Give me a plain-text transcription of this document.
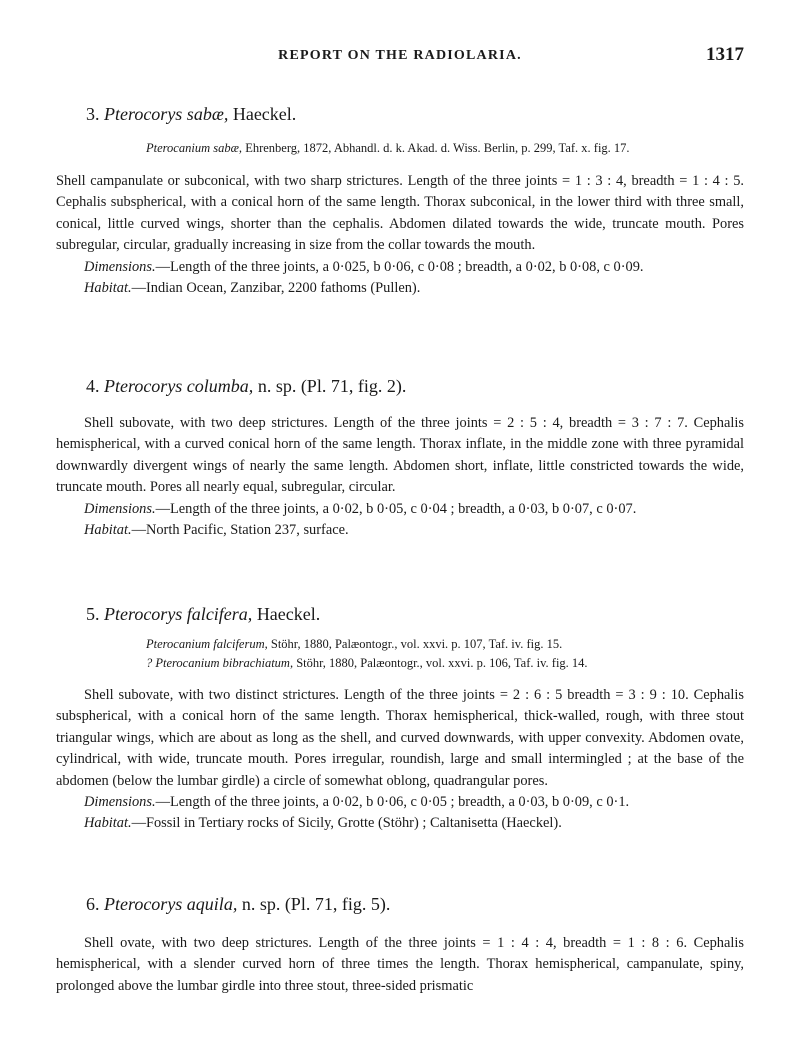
REPORT ON THE RADIOLARIA.	1317

3. Pterocorys sabæ, Haeckel.

Pterocanium sabæ, Ehrenberg, 1872, Abhandl. d. k. Akad. d. Wiss. Berlin, p. 299, Taf. x. fig. 17.

Shell campanulate or subconical, with two sharp strictures. Length of the three joints = 1 : 3 : 4, breadth = 1 : 4 : 5. Cephalis subspherical, with a conical horn of the same length. Thorax subconical, in the lower third with three small, conical, little curved wings, shorter than the cephalis. Abdomen dilated towards the wide, truncate mouth. Pores subregular, circular, gradually increasing in size from the collar towards the mouth.

Dimensions.—Length of the three joints, a 0·025, b 0·06, c 0·08 ; breadth, a 0·02, b 0·08, c 0·09.

Habitat.—Indian Ocean, Zanzibar, 2200 fathoms (Pullen).

4. Pterocorys columba, n. sp. (Pl. 71, fig. 2).

Shell subovate, with two deep strictures. Length of the three joints = 2 : 5 : 4, breadth = 3 : 7 : 7. Cephalis hemispherical, with a curved conical horn of the same length. Thorax inflate, in the middle zone with three pyramidal downwardly divergent wings of nearly the same length. Abdomen short, inflate, little constricted towards the wide, truncate mouth. Pores all nearly equal, subregular, circular.

Dimensions.—Length of the three joints, a 0·02, b 0·05, c 0·04 ; breadth, a 0·03, b 0·07, c 0·07.

Habitat.—North Pacific, Station 237, surface.

5. Pterocorys falcifera, Haeckel.

Pterocanium falciferum, Stöhr, 1880, Palæontogr., vol. xxvi. p. 107, Taf. iv. fig. 15.
? Pterocanium bibrachiatum, Stöhr, 1880, Palæontogr., vol. xxvi. p. 106, Taf. iv. fig. 14.

Shell subovate, with two distinct strictures. Length of the three joints = 2 : 6 : 5 breadth = 3 : 9 : 10. Cephalis subspherical, with a conical horn of the same length. Thorax hemispherical, thick-walled, rough, with three stout triangular wings, which are about as long as the shell, and curved downwards, with upper convexity. Abdomen ovate, cylindrical, with wide, truncate mouth. Pores irregular, roundish, large and small intermingled ; at the base of the abdomen (below the lumbar girdle) a circle of somewhat oblong, quadrangular pores.

Dimensions.—Length of the three joints, a 0·02, b 0·06, c 0·05 ; breadth, a 0·03, b 0·09, c 0·1.

Habitat.—Fossil in Tertiary rocks of Sicily, Grotte (Stöhr) ; Caltanisetta (Haeckel).

6. Pterocorys aquila, n. sp. (Pl. 71, fig. 5).

Shell ovate, with two deep strictures. Length of the three joints = 1 : 4 : 4, breadth = 1 : 8 : 6. Cephalis hemispherical, with a slender curved horn of three times the length. Thorax hemispherical, campanulate, spiny, prolonged above the lumbar girdle into three stout, three-sided prismatic
